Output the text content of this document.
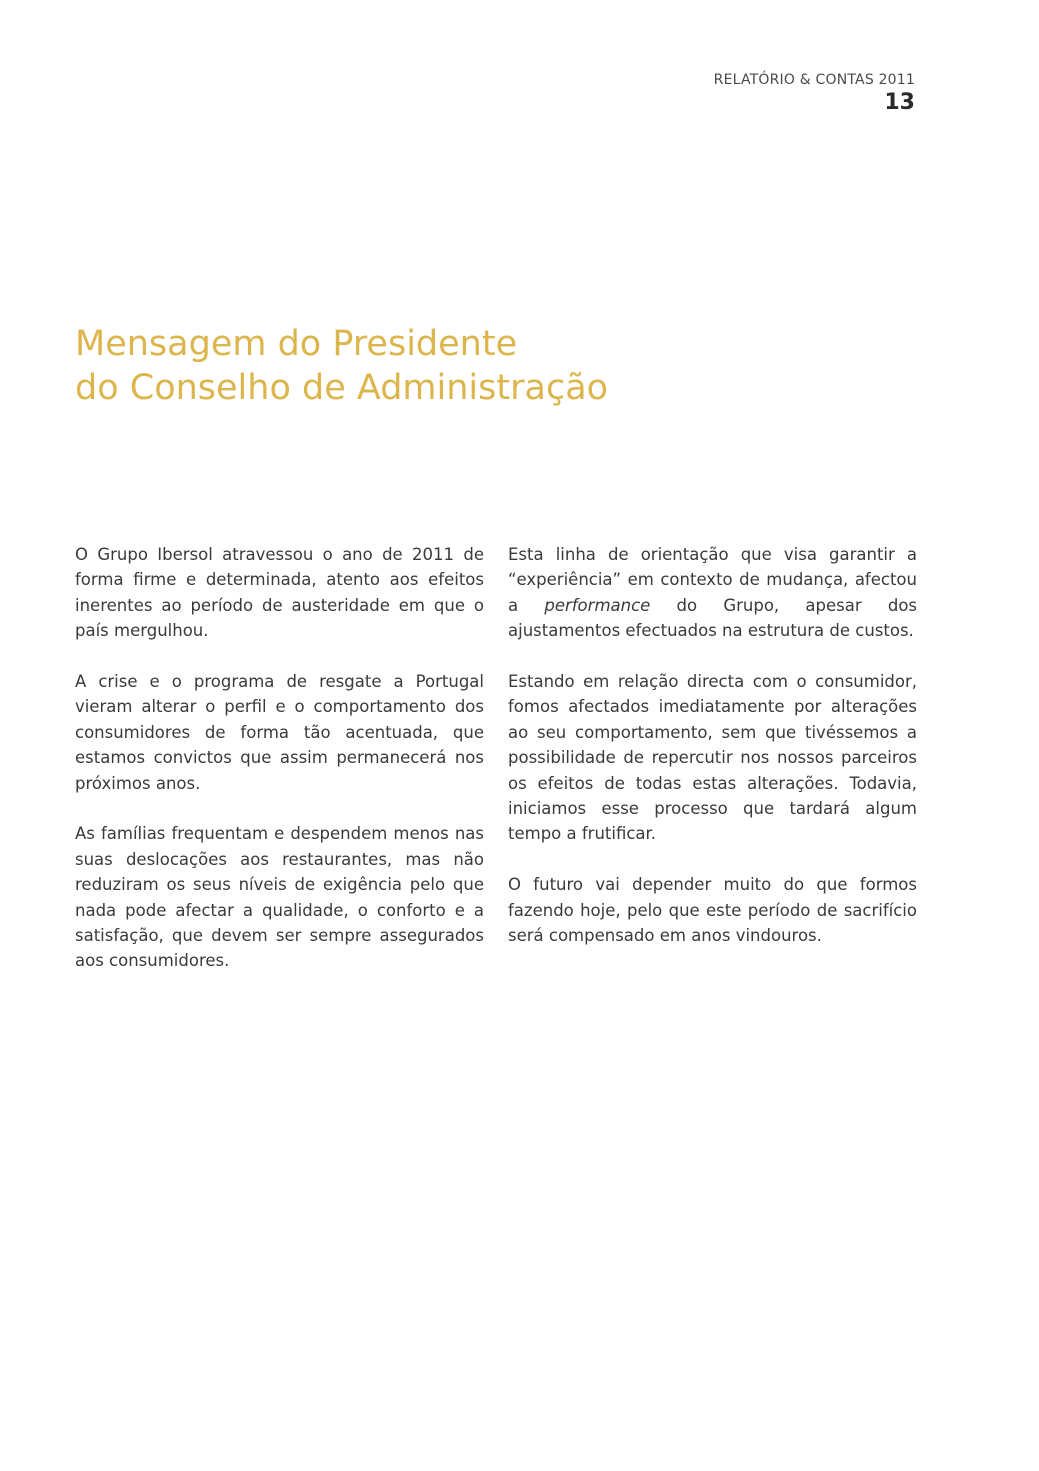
RELATÓRIO & CONTAS 2011
13
Mensagem do Presidente
do Conselho de Administração

O Grupo Ibersol atravessou o ano de 2011 de forma firme e determinada, atento aos efeitos inerentes ao período de austeridade em que o país mergulhou.

A crise e o programa de resgate a Portugal vieram alterar o perfil e o comportamento dos consumidores de forma tão acentuada, que estamos convictos que assim permanecerá nos próximos anos.

As famílias frequentam e despendem menos nas suas deslocações aos restaurantes, mas não reduziram os seus níveis de exigência pelo que nada pode afectar a qualidade, o conforto e a satisfação, que devem ser sempre assegurados aos consumidores.

Esta linha de orientação que visa garantir a “experiência” em contexto de mudança, afectou a performance do Grupo, apesar dos ajustamentos efectuados na estrutura de custos.

Estando em relação directa com o consumidor, fomos afectados imediatamente por alterações ao seu comportamento, sem que tivéssemos a possibilidade de repercutir nos nossos parceiros os efeitos de todas estas alterações. Todavia, iniciamos esse processo que tardará algum tempo a frutificar.

O futuro vai depender muito do que formos fazendo hoje, pelo que este período de sacrifício será compensado em anos vindouros.
